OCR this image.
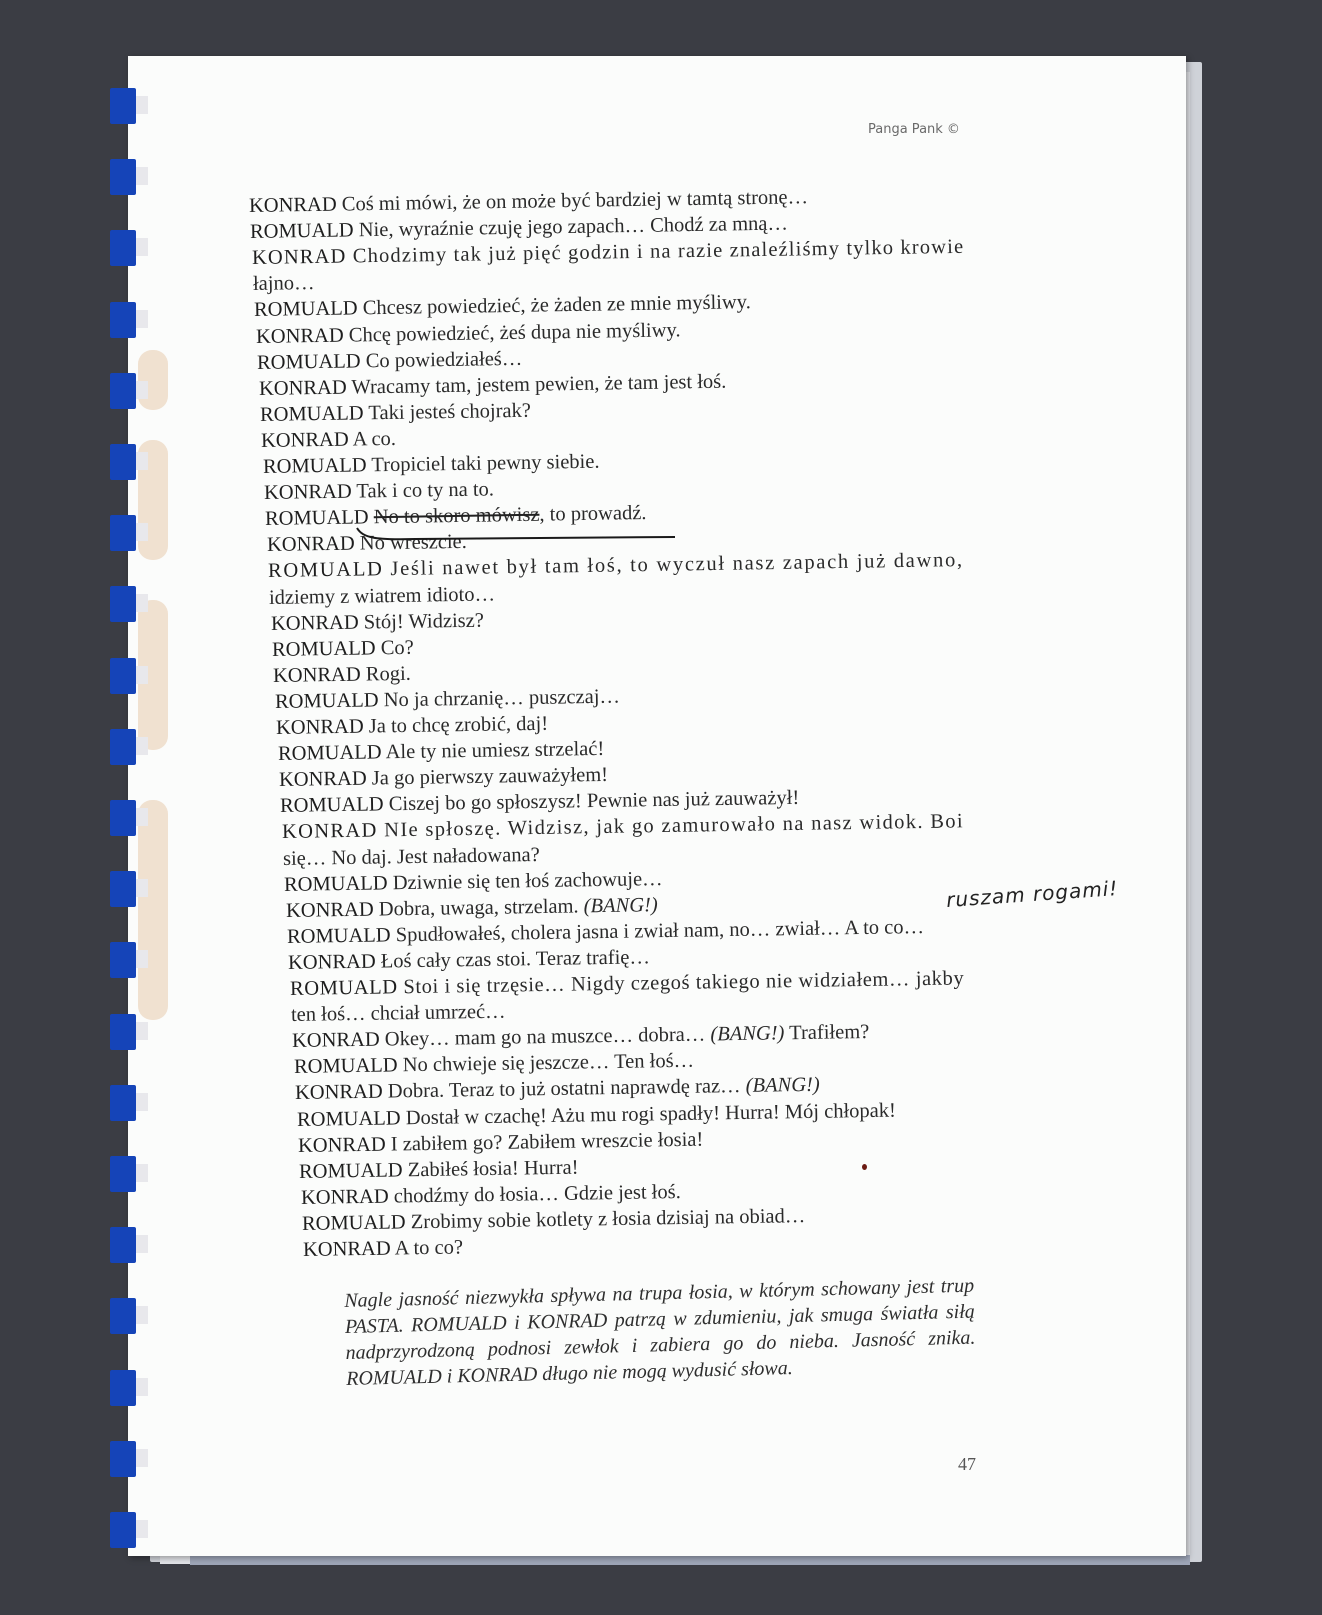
Panga Pank ©
KONRAD Coś mi mówi, że on może być bardziej w tamtą stronę…
ROMUALD Nie, wyraźnie czuję jego zapach… Chodź za mną…
KONRAD Chodzimy tak już pięć godzin i na razie znaleźliśmy tylko krowie
łajno…
ROMUALD Chcesz powiedzieć, że żaden ze mnie myśliwy.
KONRAD Chcę powiedzieć, żeś dupa nie myśliwy.
ROMUALD Co powiedziałeś…
KONRAD Wracamy tam, jestem pewien, że tam jest łoś.
ROMUALD Taki jesteś chojrak?
KONRAD A co.
ROMUALD Tropiciel taki pewny siebie.
KONRAD Tak i co ty na to.
ROMUALD No to skoro mówisz, to prowadź.
KONRAD No wreszcie.
ROMUALD Jeśli nawet był tam łoś, to wyczuł nasz zapach już dawno,
idziemy z wiatrem idioto…
KONRAD Stój! Widzisz?
ROMUALD Co?
KONRAD Rogi.
ROMUALD No ja chrzanię… puszczaj…
KONRAD Ja to chcę zrobić, daj!
ROMUALD Ale ty nie umiesz strzelać!
KONRAD Ja go pierwszy zauważyłem!
ROMUALD Ciszej bo go spłoszysz! Pewnie nas już zauważył!
KONRAD NIe spłoszę. Widzisz, jak go zamurowało na nasz widok. Boi
się… No daj. Jest naładowana?
ROMUALD Dziwnie się ten łoś zachowuje…
KONRAD Dobra, uwaga, strzelam. (BANG!)
ROMUALD Spudłowałeś, cholera jasna i zwiał nam, no… zwiał… A to co…
KONRAD Łoś cały czas stoi. Teraz trafię…
ROMUALD Stoi i się trzęsie… Nigdy czegoś takiego nie widziałem… jakby
ten łoś… chciał umrzeć…
KONRAD Okey… mam go na muszce… dobra… (BANG!) Trafiłem?
ROMUALD No chwieje się jeszcze… Ten łoś…
KONRAD Dobra. Teraz to już ostatni naprawdę raz… (BANG!)
ROMUALD Dostał w czachę! Ażu mu rogi spadły! Hurra! Mój chłopak!
KONRAD I zabiłem go? Zabiłem wreszcie łosia!
ROMUALD Zabiłeś łosia! Hurra!
KONRAD chodźmy do łosia… Gdzie jest łoś.
ROMUALD Zrobimy sobie kotlety z łosia dzisiaj na obiad…
KONRAD A to co?
ruszam rogami!
Nagle jasność niezwykła spływa na trupa łosia, w którym schowany jest trup PASTA. ROMUALD i KONRAD patrzą w zdumieniu, jak smuga światła siłą nadprzyrodzoną podnosi zewłok i zabiera go do nieba. Jasność znika. ROMUALD i KONRAD długo nie mogą wydusić słowa.
47
